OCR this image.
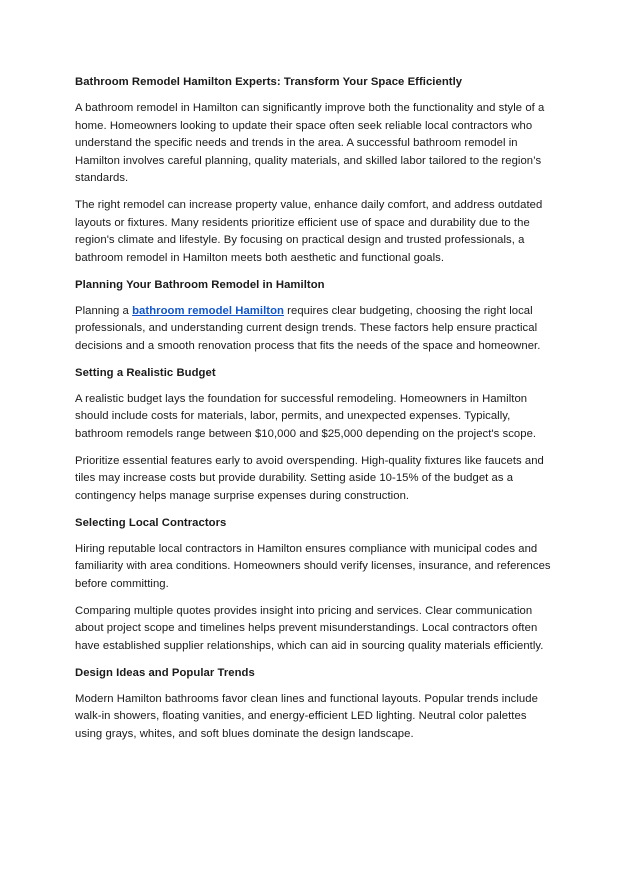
Bathroom Remodel Hamilton Experts: Transform Your Space Efficiently

A bathroom remodel in Hamilton can significantly improve both the functionality and style of a home. Homeowners looking to update their space often seek reliable local contractors who understand the specific needs and trends in the area. A successful bathroom remodel in Hamilton involves careful planning, quality materials, and skilled labor tailored to the region’s standards.

The right remodel can increase property value, enhance daily comfort, and address outdated layouts or fixtures. Many residents prioritize efficient use of space and durability due to the region's climate and lifestyle. By focusing on practical design and trusted professionals, a bathroom remodel in Hamilton meets both aesthetic and functional goals.

Planning Your Bathroom Remodel in Hamilton

Planning a bathroom remodel Hamilton requires clear budgeting, choosing the right local professionals, and understanding current design trends. These factors help ensure practical decisions and a smooth renovation process that fits the needs of the space and homeowner.

Setting a Realistic Budget

A realistic budget lays the foundation for successful remodeling. Homeowners in Hamilton should include costs for materials, labor, permits, and unexpected expenses. Typically, bathroom remodels range between $10,000 and $25,000 depending on the project's scope.

Prioritize essential features early to avoid overspending. High-quality fixtures like faucets and tiles may increase costs but provide durability. Setting aside 10-15% of the budget as a contingency helps manage surprise expenses during construction.

Selecting Local Contractors

Hiring reputable local contractors in Hamilton ensures compliance with municipal codes and familiarity with area conditions. Homeowners should verify licenses, insurance, and references before committing.

Comparing multiple quotes provides insight into pricing and services. Clear communication about project scope and timelines helps prevent misunderstandings. Local contractors often have established supplier relationships, which can aid in sourcing quality materials efficiently.

Design Ideas and Popular Trends

Modern Hamilton bathrooms favor clean lines and functional layouts. Popular trends include walk-in showers, floating vanities, and energy-efficient LED lighting. Neutral color palettes using grays, whites, and soft blues dominate the design landscape.
